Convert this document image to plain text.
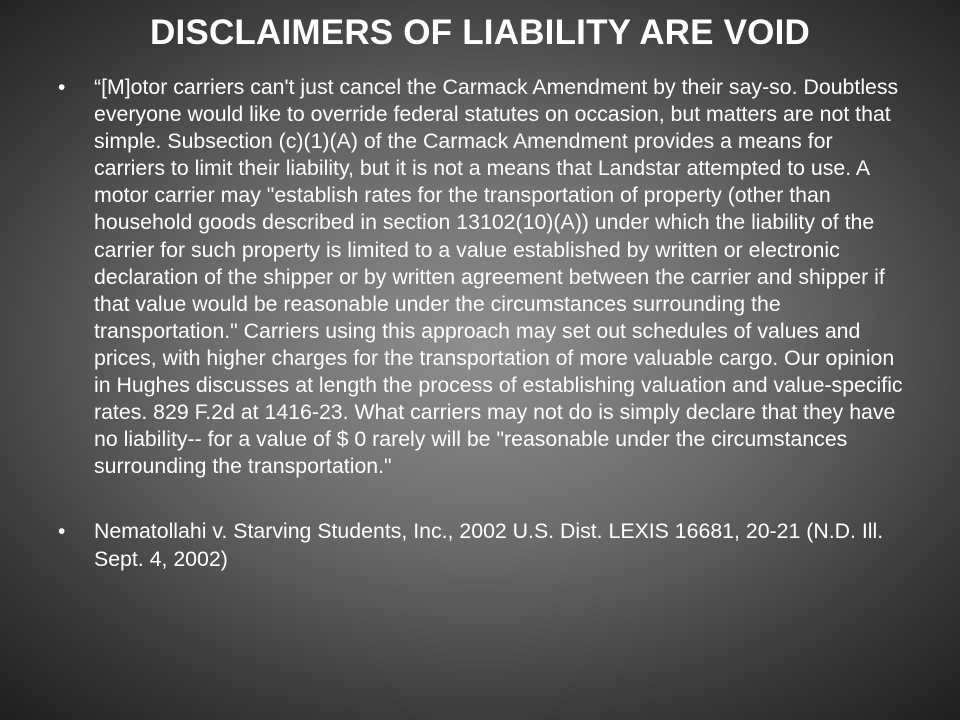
DISCLAIMERS OF LIABILITY ARE VOID
•	“[M]otor carriers can't just cancel the Carmack Amendment by their say-so. Doubtless everyone would like to override federal statutes on occasion, but matters are not that simple. Subsection (c)(1)(A) of the Carmack Amendment provides a means for carriers to limit their liability, but it is not a means that Landstar attempted to use. A motor carrier may "establish rates for the transportation of property (other than household goods described in section 13102(10)(A)) under which the liability of the carrier for such property is limited to a value established by written or electronic declaration of the shipper or by written agreement between the carrier and shipper if that value would be reasonable under the circumstances surrounding the transportation." Carriers using this approach may set out schedules of values and prices, with higher charges for the transportation of more valuable cargo. Our opinion in Hughes discusses at length the process of establishing valuation and value-specific rates. 829 F.2d at 1416-23. What carriers may not do is simply declare that they have no liability-- for a value of $ 0 rarely will be "reasonable under the circumstances surrounding the transportation."
•	Nematollahi v. Starving Students, Inc., 2002 U.S. Dist. LEXIS 16681, 20-21 (N.D. Ill. Sept. 4, 2002)
